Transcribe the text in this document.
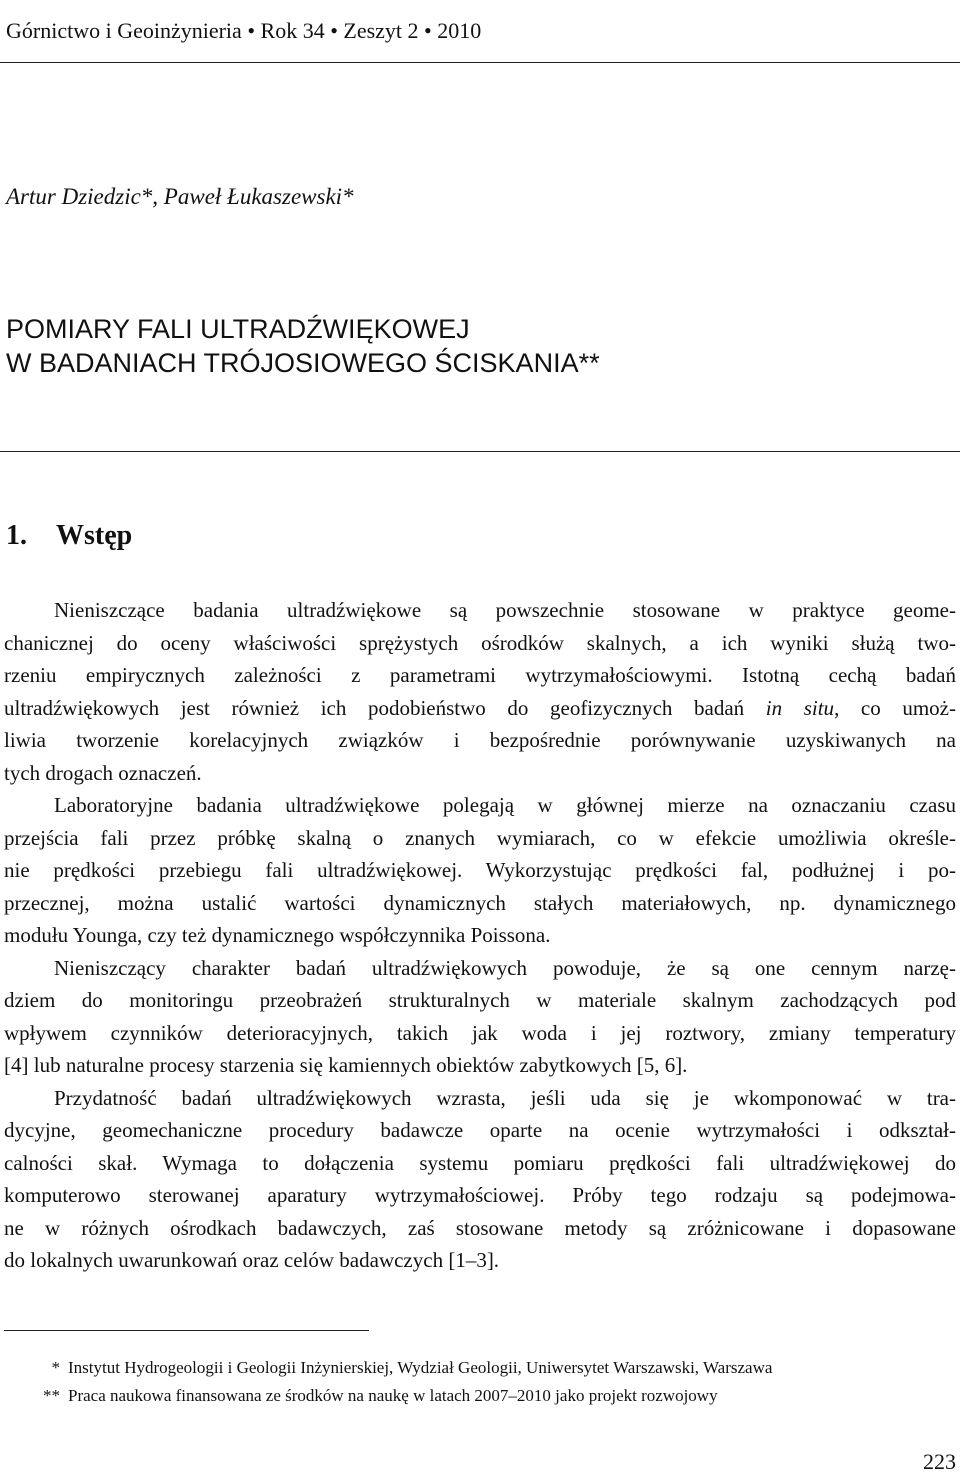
Górnictwo i Geoinżynieria • Rok 34 • Zeszyt 2 • 2010
Artur Dziedzic*, Paweł Łukaszewski*
POMIARY FALI ULTRADŹWIĘKOWEJ
W BADANIACH TRÓJOSIOWEGO ŚCISKANIA**
1. Wstęp
Nieniszczące badania ultradźwiękowe są powszechnie stosowane w praktyce geome-
chanicznej do oceny właściwości sprężystych ośrodków skalnych, a ich wyniki służą two-
rzeniu empirycznych zależności z parametrami wytrzymałościowymi. Istotną cechą badań
ultradźwiękowych jest również ich podobieństwo do geofizycznych badań in situ, co umoż-
liwia tworzenie korelacyjnych związków i bezpośrednie porównywanie uzyskiwanych na
tych drogach oznaczeń.
Laboratoryjne badania ultradźwiękowe polegają w głównej mierze na oznaczaniu czasu
przejścia fali przez próbkę skalną o znanych wymiarach, co w efekcie umożliwia określe-
nie prędkości przebiegu fali ultradźwiękowej. Wykorzystując prędkości fal, podłużnej i po-
przecznej, można ustalić wartości dynamicznych stałych materiałowych, np. dynamicznego
modułu Younga, czy też dynamicznego współczynnika Poissona.
Nieniszczący charakter badań ultradźwiękowych powoduje, że są one cennym narzę-
dziem do monitoringu przeobrażeń strukturalnych w materiale skalnym zachodzących pod
wpływem czynników deterioracyjnych, takich jak woda i jej roztwory, zmiany temperatury
[4] lub naturalne procesy starzenia się kamiennych obiektów zabytkowych [5, 6].
Przydatność badań ultradźwiękowych wzrasta, jeśli uda się je wkomponować w tra-
dycyjne, geomechaniczne procedury badawcze oparte na ocenie wytrzymałości i odkształ-
calności skał. Wymaga to dołączenia systemu pomiaru prędkości fali ultradźwiękowej do
komputerowo sterowanej aparatury wytrzymałościowej. Próby tego rodzaju są podejmowa-
ne w różnych ośrodkach badawczych, zaś stosowane metody są zróżnicowane i dopasowane
do lokalnych uwarunkowań oraz celów badawczych [1–3].
* Instytut Hydrogeologii i Geologii Inżynierskiej, Wydział Geologii, Uniwersytet Warszawski, Warszawa
** Praca naukowa finansowana ze środków na naukę w latach 2007–2010 jako projekt rozwojowy
223
